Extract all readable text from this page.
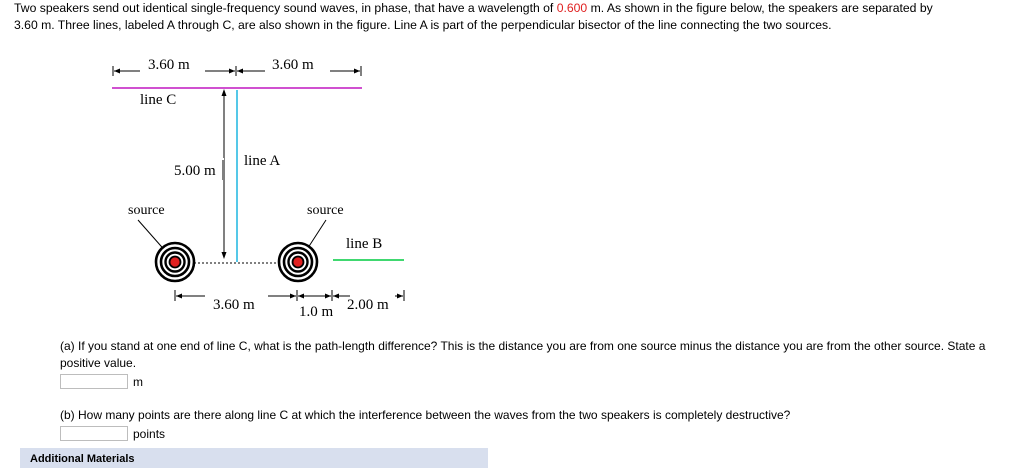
Two speakers send out identical single-frequency sound waves, in phase, that have a wavelength of 0.600 m. As shown in the figure below, the speakers are separated by
3.60 m. Three lines, labeled A through C, are also shown in the figure. Line A is part of the perpendicular bisector of the line connecting the two sources.
3.60 m	3.60 m
line C
5.00 m
line A
source	source
line B
3.60 m	1.0 m 2.00 m
(a) If you stand at one end of line C, what is the path-length difference? This is the distance you are from one source minus the distance you are from the other source. State a positive value.
m
(b) How many points are there along line C at which the interference between the waves from the two speakers is completely destructive?
points
Additional Materials
